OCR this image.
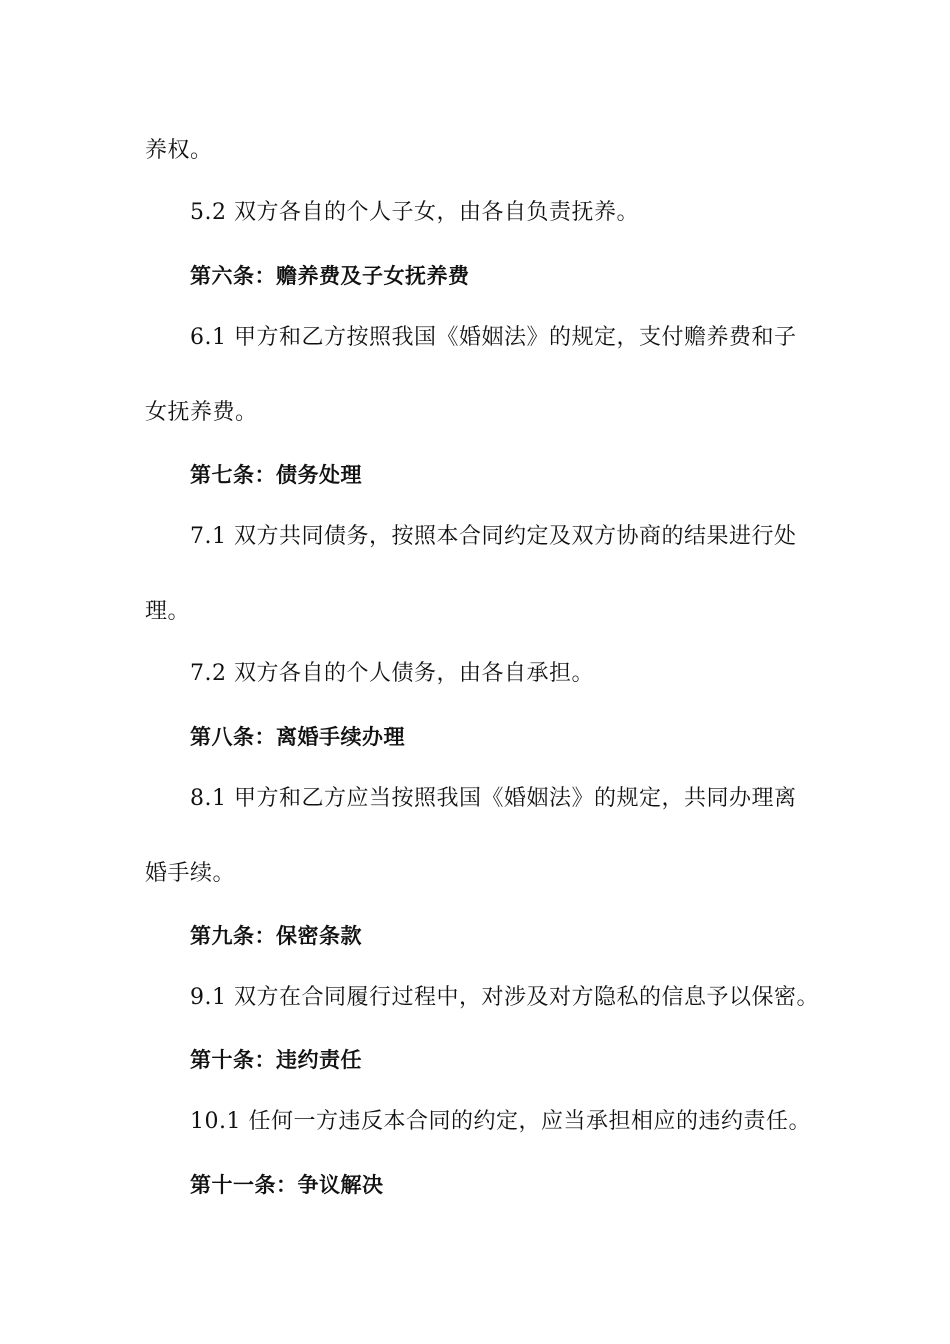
养权。
5.2 双方各自的个人子女，由各自负责抚养。
第六条：赡养费及子女抚养费
6.1 甲方和乙方按照我国《婚姻法》的规定，支付赡养费和子
女抚养费。
第七条：债务处理
7.1 双方共同债务，按照本合同约定及双方协商的结果进行处
理。
7.2 双方各自的个人债务，由各自承担。
第八条：离婚手续办理
8.1 甲方和乙方应当按照我国《婚姻法》的规定，共同办理离
婚手续。
第九条：保密条款
9.1 双方在合同履行过程中，对涉及对方隐私的信息予以保密。
第十条：违约责任
10.1 任何一方违反本合同的约定，应当承担相应的违约责任。
第十一条：争议解决
